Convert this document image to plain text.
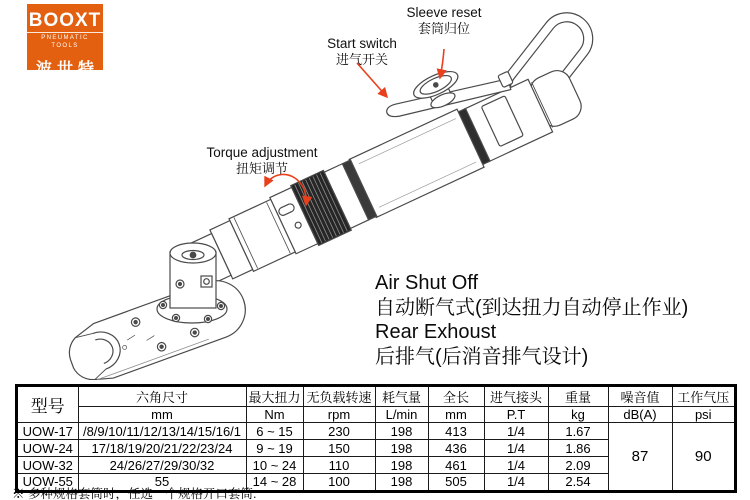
BOOXT ®

PNEUMATIC TOOLS
波世特
Sleeve reset
套筒归位
Start switch
进气开关
Torque adjustment
扭矩调节
Air Shut Off
自动断气式(到达扭力自动停止作业)
Rear Exhoust
后排气(后消音排气设计)
型号	六角尺寸	最大扭力	无负载转速	耗气量	全长	进气接头	重量	噪音值	工作气压
	mm	Nm	rpm	L/min	mm	P.T	kg	dB(A)	psi
UOW-17	/8/9/10/11/12/13/14/15/16/1	6 ~ 15	230	198	413	1/4	1.67	87	90
UOW-24	17/18/19/20/21/22/23/24	9 ~ 19	150	198	436	1/4	1.86		
UOW-32	24/26/27/29/30/32	10 ~ 24	110	198	461	1/4	2.09		
UOW-55	55	14 ~ 28	100	198	505	1/4	2.54		
※ 多种规格套筒时，任选一个规格开口套筒.
